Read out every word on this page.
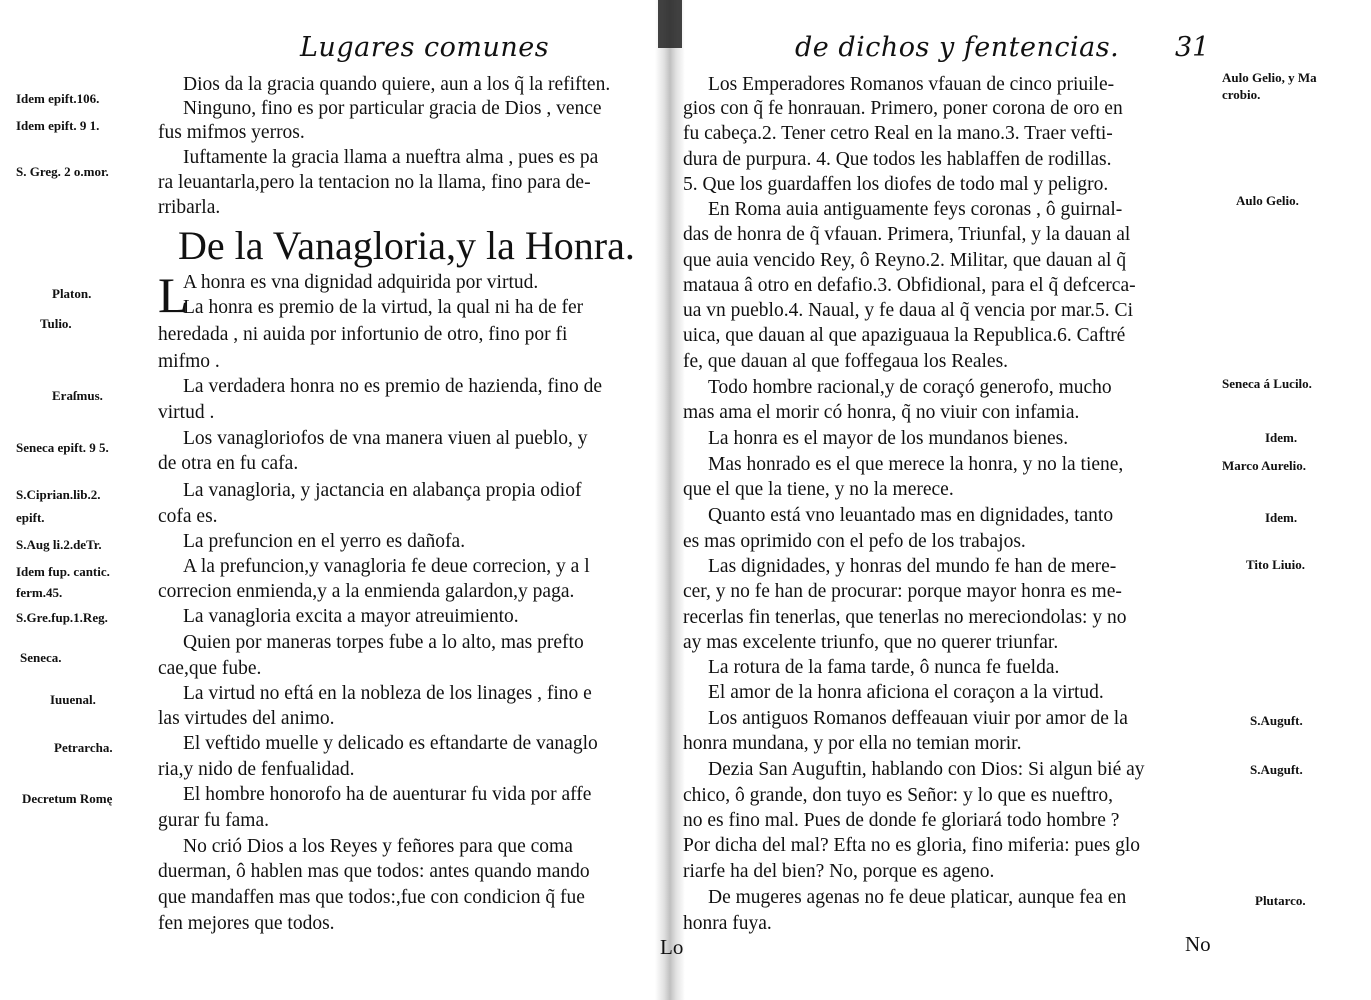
Lugares comunes
Dios da la gracia quando quiere, aun a los q̃ la refiften.
Ninguno, fino es por particular gracia de Dios , vence
fus mifmos yerros.
Iuftamente la gracia llama a nueftra alma , pues es pa
ra leuantarla,pero la tentacion no la llama, fino para de-
rribarla.
De la Vanagloria,y la Honra.
L
A honra es vna dignidad adquirida por virtud.
La honra es premio de la virtud, la qual ni ha de fer
heredada , ni auida por infortunio de otro, fino por fi
mifmo .
La verdadera honra no es premio de hazienda, fino de
virtud .
Los vanagloriofos de vna manera viuen al pueblo, y
de otra en fu cafa.
La vanagloria, y jactancia en alabança propia odiof
cofa es.
La prefuncion en el yerro es dañofa.
A la prefuncion,y vanagloria fe deue correcion, y a l
correcion enmienda,y a la enmienda galardon,y paga.
La vanagloria excita a mayor atreuimiento.
Quien por maneras torpes fube a lo alto, mas prefto
cae,que fube.
La virtud no eftá en la nobleza de los linages , fino e
las virtudes del animo.
El veftido muelle y delicado es eftandarte de vanaglo
ria,y nido de fenfualidad.
El hombre honorofo ha de auenturar fu vida por affe
gurar fu fama.
No crió Dios a los Reyes y feñores para que coma
duerman, ô hablen mas que todos: antes quando mando
que mandaffen mas que todos:,fue con condicion q̃ fue
fen mejores que todos.
Idem epift.106.
Idem epift. 9 1.
S. Greg. 2 o.mor.
Platon.
Tulio.
Eraſmus.
Seneca epift. 9 5.
S.Ciprian.lib.2.
epift.
S.Aug li.2.deTr.
Idem fup. cantic.
ferm.45.
S.Gre.fup.1.Reg.
Seneca.
Iuuenal.
Petrarcha.
Decretum Romę
Lo
de dichos y fentencias. 31
Los Emperadores Romanos vfauan de cinco priuile-
gios con q̃ fe honrauan. Primero, poner corona de oro en
fu cabeça.2. Tener cetro Real en la mano.3. Traer vefti-
dura de purpura. 4. Que todos les hablaffen de rodillas.
5. Que los guardaffen los diofes de todo mal y peligro.
En Roma auia antiguamente feys coronas , ô guirnal-
das de honra de q̃ vfauan. Primera, Triunfal, y la dauan al
que auia vencido Rey, ô Reyno.2. Militar, que dauan al q̃
mataua â otro en defafio.3. Obfidional, para el q̃ defcerca-
ua vn pueblo.4. Naual, y fe daua al q̃ vencia por mar.5. Ci
uica, que dauan al que apaziguaua la Republica.6. Caftré
fe, que dauan al que foffegaua los Reales.
Todo hombre racional,y de coraçó generofo, mucho
mas ama el morir có honra, q̃ no viuir con infamia.
La honra es el mayor de los mundanos bienes.
Mas honrado es el que merece la honra, y no la tiene,
que el que la tiene, y no la merece.
Quanto está vno leuantado mas en dignidades, tanto
es mas oprimido con el pefo de los trabajos.
Las dignidades, y honras del mundo fe han de mere-
cer, y no fe han de procurar: porque mayor honra es me-
recerlas fin tenerlas, que tenerlas no mereciondolas: y no
ay mas excelente triunfo, que no querer triunfar.
La rotura de la fama tarde, ô nunca fe fuelda.
El amor de la honra aficiona el coraçon a la virtud.
Los antiguos Romanos deffeauan viuir por amor de la
honra mundana, y por ella no temian morir.
Dezia San Auguftin, hablando con Dios: Si algun bié ay
chico, ô grande, don tuyo es Señor: y lo que es nueftro,
no es fino mal. Pues de donde fe gloriará todo hombre ?
Por dicha del mal? Efta no es gloria, fino miferia: pues glo
riarfe ha del bien? No, porque es ageno.
De mugeres agenas no fe deue platicar, aunque fea en
honra fuya.
Aulo Gelio, y Ma
crobio.
Aulo Gelio.
Seneca á Lucilo.
Idem.
Marco Aurelio.
Idem.
Tito Liuio.
S.Auguft.
S.Auguft.
Plutarco.
No
